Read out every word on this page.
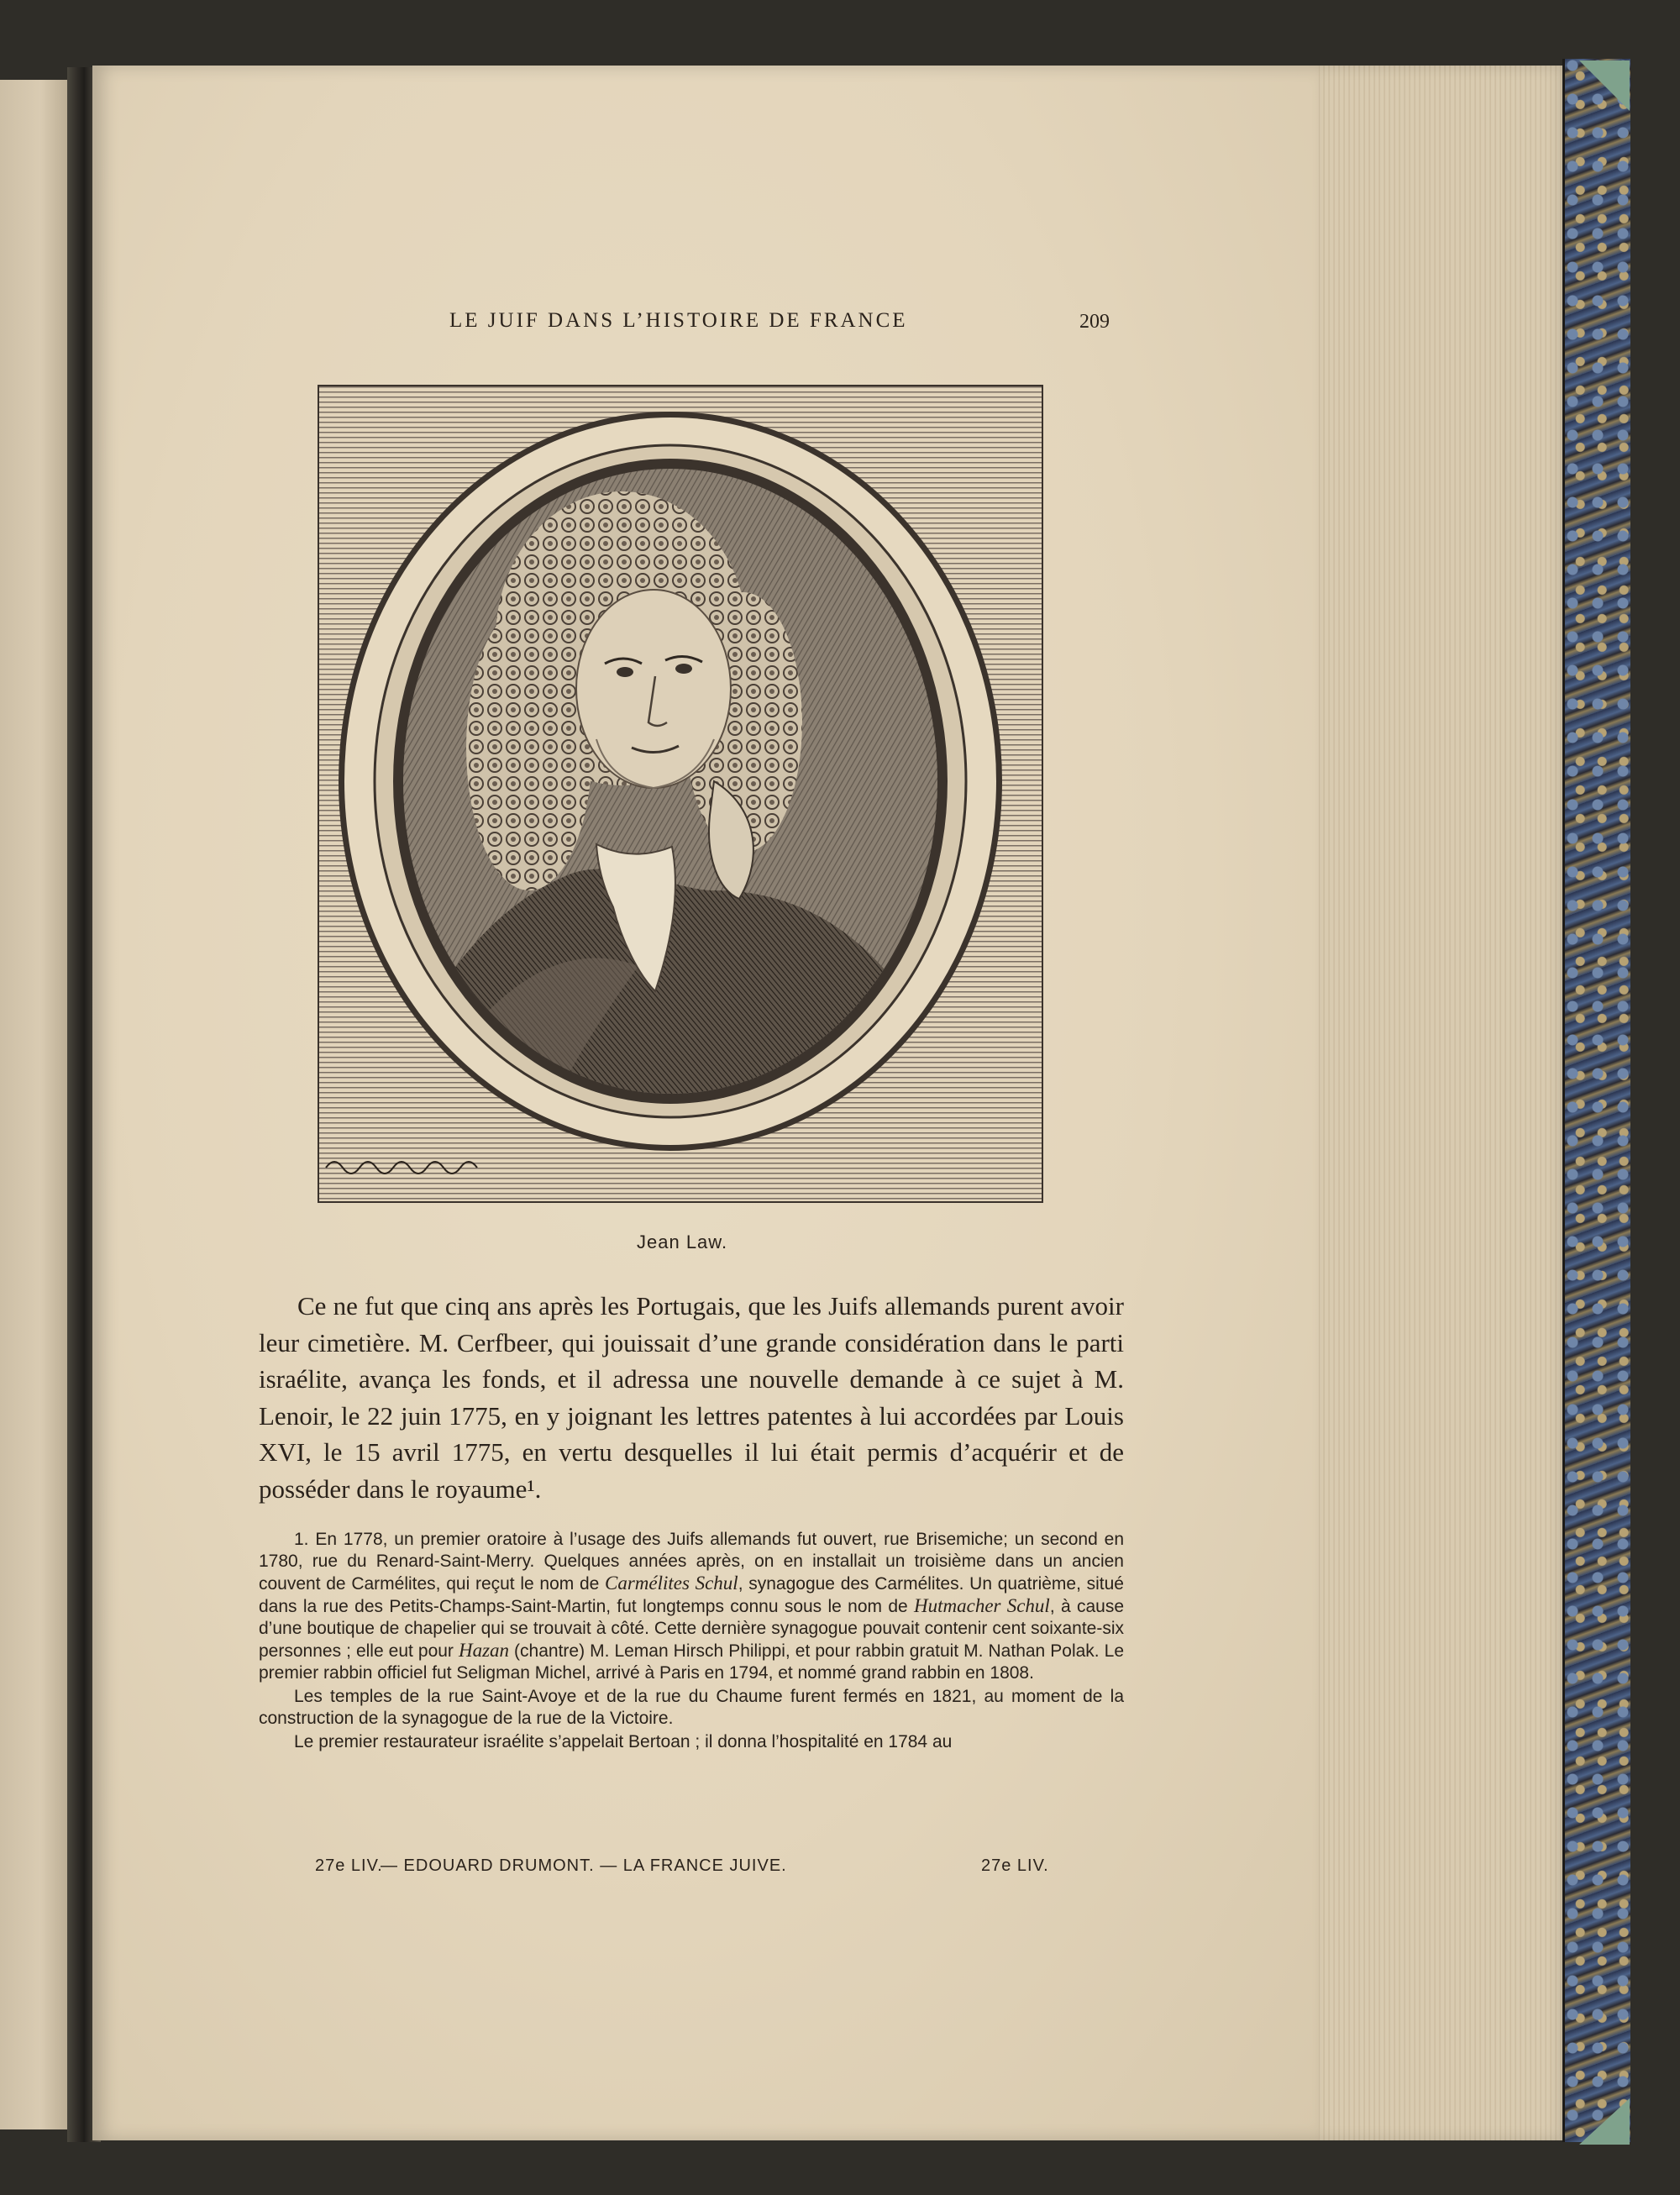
LE JUIF DANS L’HISTOIRE DE FRANCE	209
Jean Law.

Ce ne fut que cinq ans après les Portugais, que les Juifs allemands purent avoir leur cimetière. M. Cerfbeer, qui jouissait d’une grande considération dans le parti israélite, avança les fonds, et il adressa une nouvelle demande à ce sujet à M. Lenoir, le 22 juin 1775, en y joignant les lettres patentes à lui accordées par Louis XVI, le 15 avril 1775, en vertu desquelles il lui était permis d’acquérir et de posséder dans le royaume¹.

1. En 1778, un premier oratoire à l’usage des Juifs allemands fut ouvert, rue Brisemiche; un second en 1780, rue du Renard-Saint-Merry. Quelques années après, on en installait un troisième dans un ancien couvent de Carmélites, qui reçut le nom de Carmélites Schul, synagogue des Carmélites. Un quatrième, situé dans la rue des Petits-Champs-Saint-Martin, fut longtemps connu sous le nom de Hutmacher Schul, à cause d’une boutique de chapelier qui se trouvait à côté. Cette dernière synagogue pouvait contenir cent soixante-six personnes ; elle eut pour Hazan (chantre) M. Leman Hirsch Philippi, et pour rabbin gratuit M. Nathan Polak. Le premier rabbin officiel fut Seligman Michel, arrivé à Paris en 1794, et nommé grand rabbin en 1808.

Les temples de la rue Saint-Avoye et de la rue du Chaume furent fermés en 1821, au moment de la construction de la synagogue de la rue de la Victoire.

Le premier restaurateur israélite s’appelait Bertoan ; il donna l’hospitalité en 1784 au

27e LIV.
— EDOUARD DRUMONT. — LA FRANCE JUIVE.	27e LIV.
